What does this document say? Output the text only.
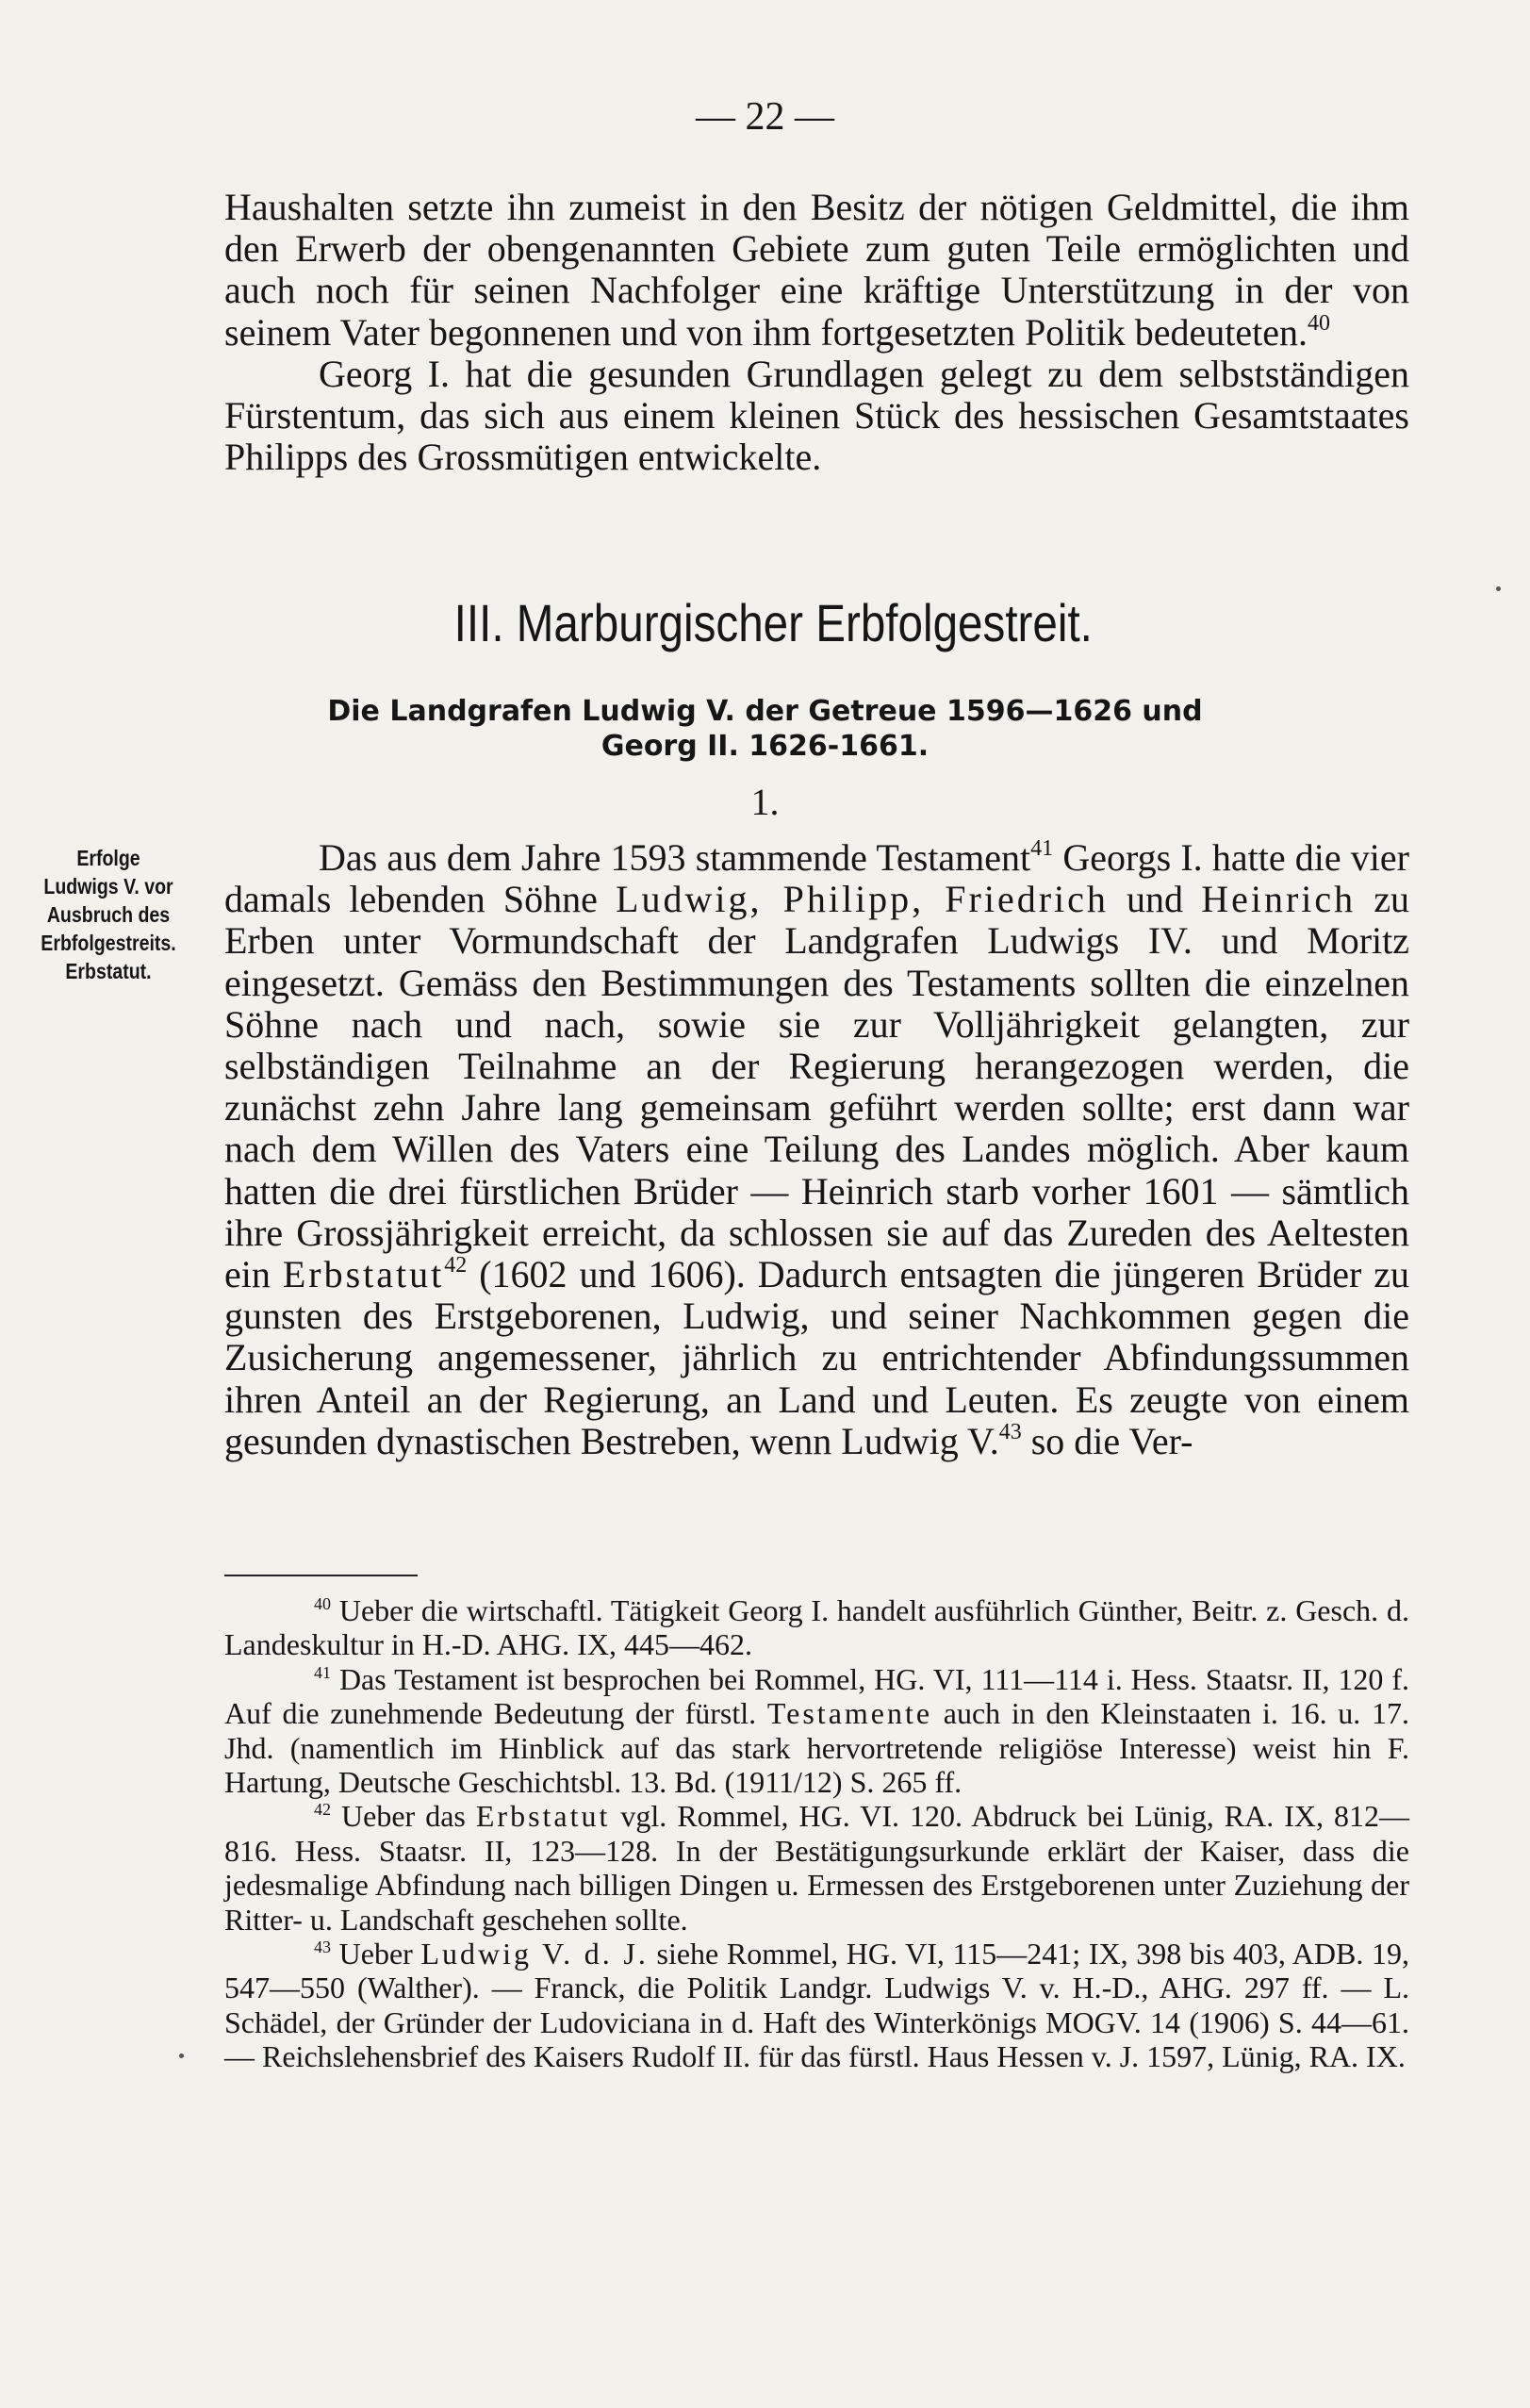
— 22 —

Haushalten setzte ihn zumeist in den Besitz der nötigen Geldmittel, die ihm den Erwerb der obengenannten Gebiete zum guten Teile ermöglichten und auch noch für seinen Nachfolger eine kräftige Unterstützung in der von seinem Vater begonnenen und von ihm fortgesetzten Politik bedeuteten.$^{40}$

Georg I. hat die gesunden Grundlagen gelegt zu dem selbstständigen Fürstentum, das sich aus einem kleinen Stück des hessischen Gesamtstaates Philipps des Grossmütigen entwickelte.

III. Marburgischer Erbfolgestreit.
Die Landgrafen Ludwig V. der Getreue 1596—1626 und
Georg II. 1626-1661.
1.
Erfolge
Ludwigs V. vor
Ausbruch des
Erbfolgestreits.
Erbstatut.

Das aus dem Jahre 1593 stammende Testament$^{41}$ Georgs I. hatte die vier damals lebenden Söhne Ludwig, Philipp, Friedrich und Heinrich zu Erben unter Vormundschaft der Landgrafen Ludwigs IV. und Moritz eingesetzt. Gemäss den Bestimmungen des Testaments sollten die einzelnen Söhne nach und nach, sowie sie zur Volljährigkeit gelangten, zur selbständigen Teilnahme an der Regierung herangezogen werden, die zunächst zehn Jahre lang gemeinsam geführt werden sollte; erst dann war nach dem Willen des Vaters eine Teilung des Landes möglich. Aber kaum hatten die drei fürstlichen Brüder — Heinrich starb vorher 1601 — sämtlich ihre Grossjährigkeit erreicht, da schlossen sie auf das Zureden des Aeltesten ein Erbstatut$^{42}$ (1602 und 1606). Dadurch entsagten die jüngeren Brüder zu gunsten des Erstgeborenen, Ludwig, und seiner Nachkommen gegen die Zusicherung angemessener, jährlich zu entrichtender Abfindungssummen ihren Anteil an der Regierung, an Land und Leuten. Es zeugte von einem gesunden dynastischen Bestreben, wenn Ludwig V.$^{43}$ so die Ver-

$^{40}$ Ueber die wirtschaftl. Tätigkeit Georg I. handelt ausführlich Günther, Beitr. z. Gesch. d. Landeskultur in H.-D. AHG. IX, 445—462.

$^{41}$ Das Testament ist besprochen bei Rommel, HG. VI, 111—114 i. Hess. Staatsr. II, 120 f. Auf die zunehmende Bedeutung der fürstl. Testamente auch in den Kleinstaaten i. 16. u. 17. Jhd. (namentlich im Hinblick auf das stark hervortretende religiöse Interesse) weist hin F. Hartung, Deutsche Geschichtsbl. 13. Bd. (1911/12) S. 265 ff.

$^{42}$ Ueber das Erbstatut vgl. Rommel, HG. VI. 120. Abdruck bei Lünig, RA. IX, 812—816. Hess. Staatsr. II, 123—128. In der Bestätigungsurkunde erklärt der Kaiser, dass die jedesmalige Abfindung nach billigen Dingen u. Ermessen des Erstgeborenen unter Zuziehung der Ritter- u. Landschaft geschehen sollte.

$^{43}$ Ueber Ludwig V. d. J. siehe Rommel, HG. VI, 115—241; IX, 398 bis 403, ADB. 19, 547—550 (Walther). — Franck, die Politik Landgr. Ludwigs V. v. H.-D., AHG. 297 ff. — L. Schädel, der Gründer der Ludoviciana in d. Haft des Winterkönigs MOGV. 14 (1906) S. 44—61. — Reichslehensbrief des Kaisers Rudolf II. für das fürstl. Haus Hessen v. J. 1597, Lünig, RA. IX.
